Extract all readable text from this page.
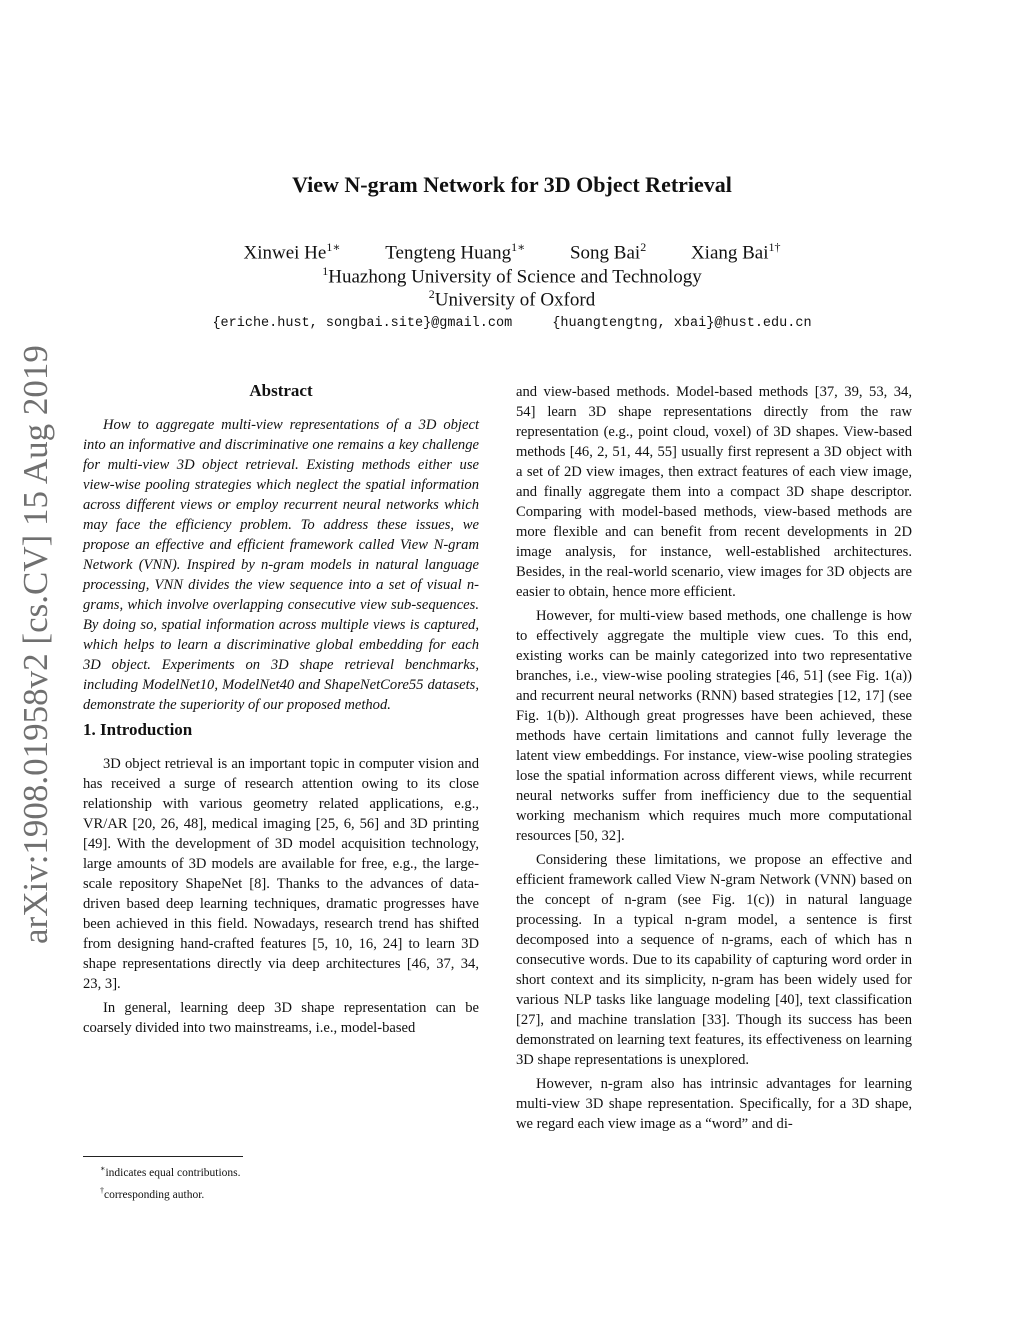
arXiv:1908.01958v2 [cs.CV] 15 Aug 2019
View N-gram Network for 3D Object Retrieval
Xinwei $He^{1∗}$ Tengteng Huang$^{1∗}$ Song Bai$^2$ Xiang Bai$^{1\dagger}$
$^1$Huazhong University of Science and Technology
$^2$University of Oxford
{eriche.hust, songbai.site}@gmail.com	{huangtengtng, xbai}@hust.edu.cn
Abstract

How to aggregate multi-view representations of a 3D object into an informative and discriminative one remains a key challenge for multi-view 3D object retrieval. Existing methods either use view-wise pooling strategies which neglect the spatial information across different views or employ recurrent neural networks which may face the efficiency problem. To address these issues, we propose an effective and efficient framework called View N-gram Network (VNN). Inspired by n-gram models in natural language processing, VNN divides the view sequence into a set of visual n-grams, which involve overlapping consecutive view sub-sequences. By doing so, spatial information across multiple views is captured, which helps to learn a discriminative global embedding for each 3D object. Experiments on 3D shape retrieval benchmarks, including ModelNet10, ModelNet40 and ShapeNetCore55 datasets, demonstrate the superiority of our proposed method.

1. Introduction

3D object retrieval is an important topic in computer vision and has received a surge of research attention owing to its close relationship with various geometry related applications, e.g., VR/AR [20, 26, 48], medical imaging [25, 6, 56] and 3D printing [49]. With the development of 3D model acquisition technology, large amounts of 3D models are available for free, e.g., the large-scale repository ShapeNet [8]. Thanks to the advances of data-driven based deep learning techniques, dramatic progresses have been achieved in this field. Nowadays, research trend has shifted from designing hand-crafted features [5, 10, 16, 24] to learn 3D shape representations directly via deep architectures [46, 37, 34, 23, 3].

In general, learning deep 3D shape representation can be coarsely divided into two mainstreams, i.e., model-based

and view-based methods. Model-based methods [37, 39, 53, 34, 54] learn 3D shape representations directly from the raw representation (e.g., point cloud, voxel) of 3D shapes. View-based methods [46, 2, 51, 44, 55] usually first represent a 3D object with a set of 2D view images, then extract features of each view image, and finally aggregate them into a compact 3D shape descriptor. Comparing with model-based methods, view-based methods are more flexible and can benefit from recent developments in 2D image analysis, for instance, well-established architectures. Besides, in the real-world scenario, view images for 3D objects are easier to obtain, hence more efficient.

However, for multi-view based methods, one challenge is how to effectively aggregate the multiple view cues. To this end, existing works can be mainly categorized into two representative branches, i.e., view-wise pooling strategies [46, 51] (see Fig. 1(a)) and recurrent neural networks (RNN) based strategies [12, 17] (see Fig. 1(b)). Although great progresses have been achieved, these methods have certain limitations and cannot fully leverage the latent view embeddings. For instance, view-wise pooling strategies lose the spatial information across different views, while recurrent neural networks suffer from inefficiency due to the sequential working mechanism which requires much more computational resources [50, 32].

Considering these limitations, we propose an effective and efficient framework called View N-gram Network (VNN) based on the concept of n-gram (see Fig. 1(c)) in natural language processing. In a typical n-gram model, a sentence is first decomposed into a sequence of n-grams, each of which has n consecutive words. Due to its capability of capturing word order in short context and its simplicity, n-gram has been widely used for various NLP tasks like language modeling [40], text classification [27], and machine translation [33]. Though its success has been demonstrated on learning text features, its effectiveness on learning 3D shape representations is unexplored.

However, n-gram also has intrinsic advantages for learning multi-view 3D shape representation. Specifically, for a 3D shape, we regard each view image as a “word” and di-

∗indicates equal contributions.
†corresponding author.
